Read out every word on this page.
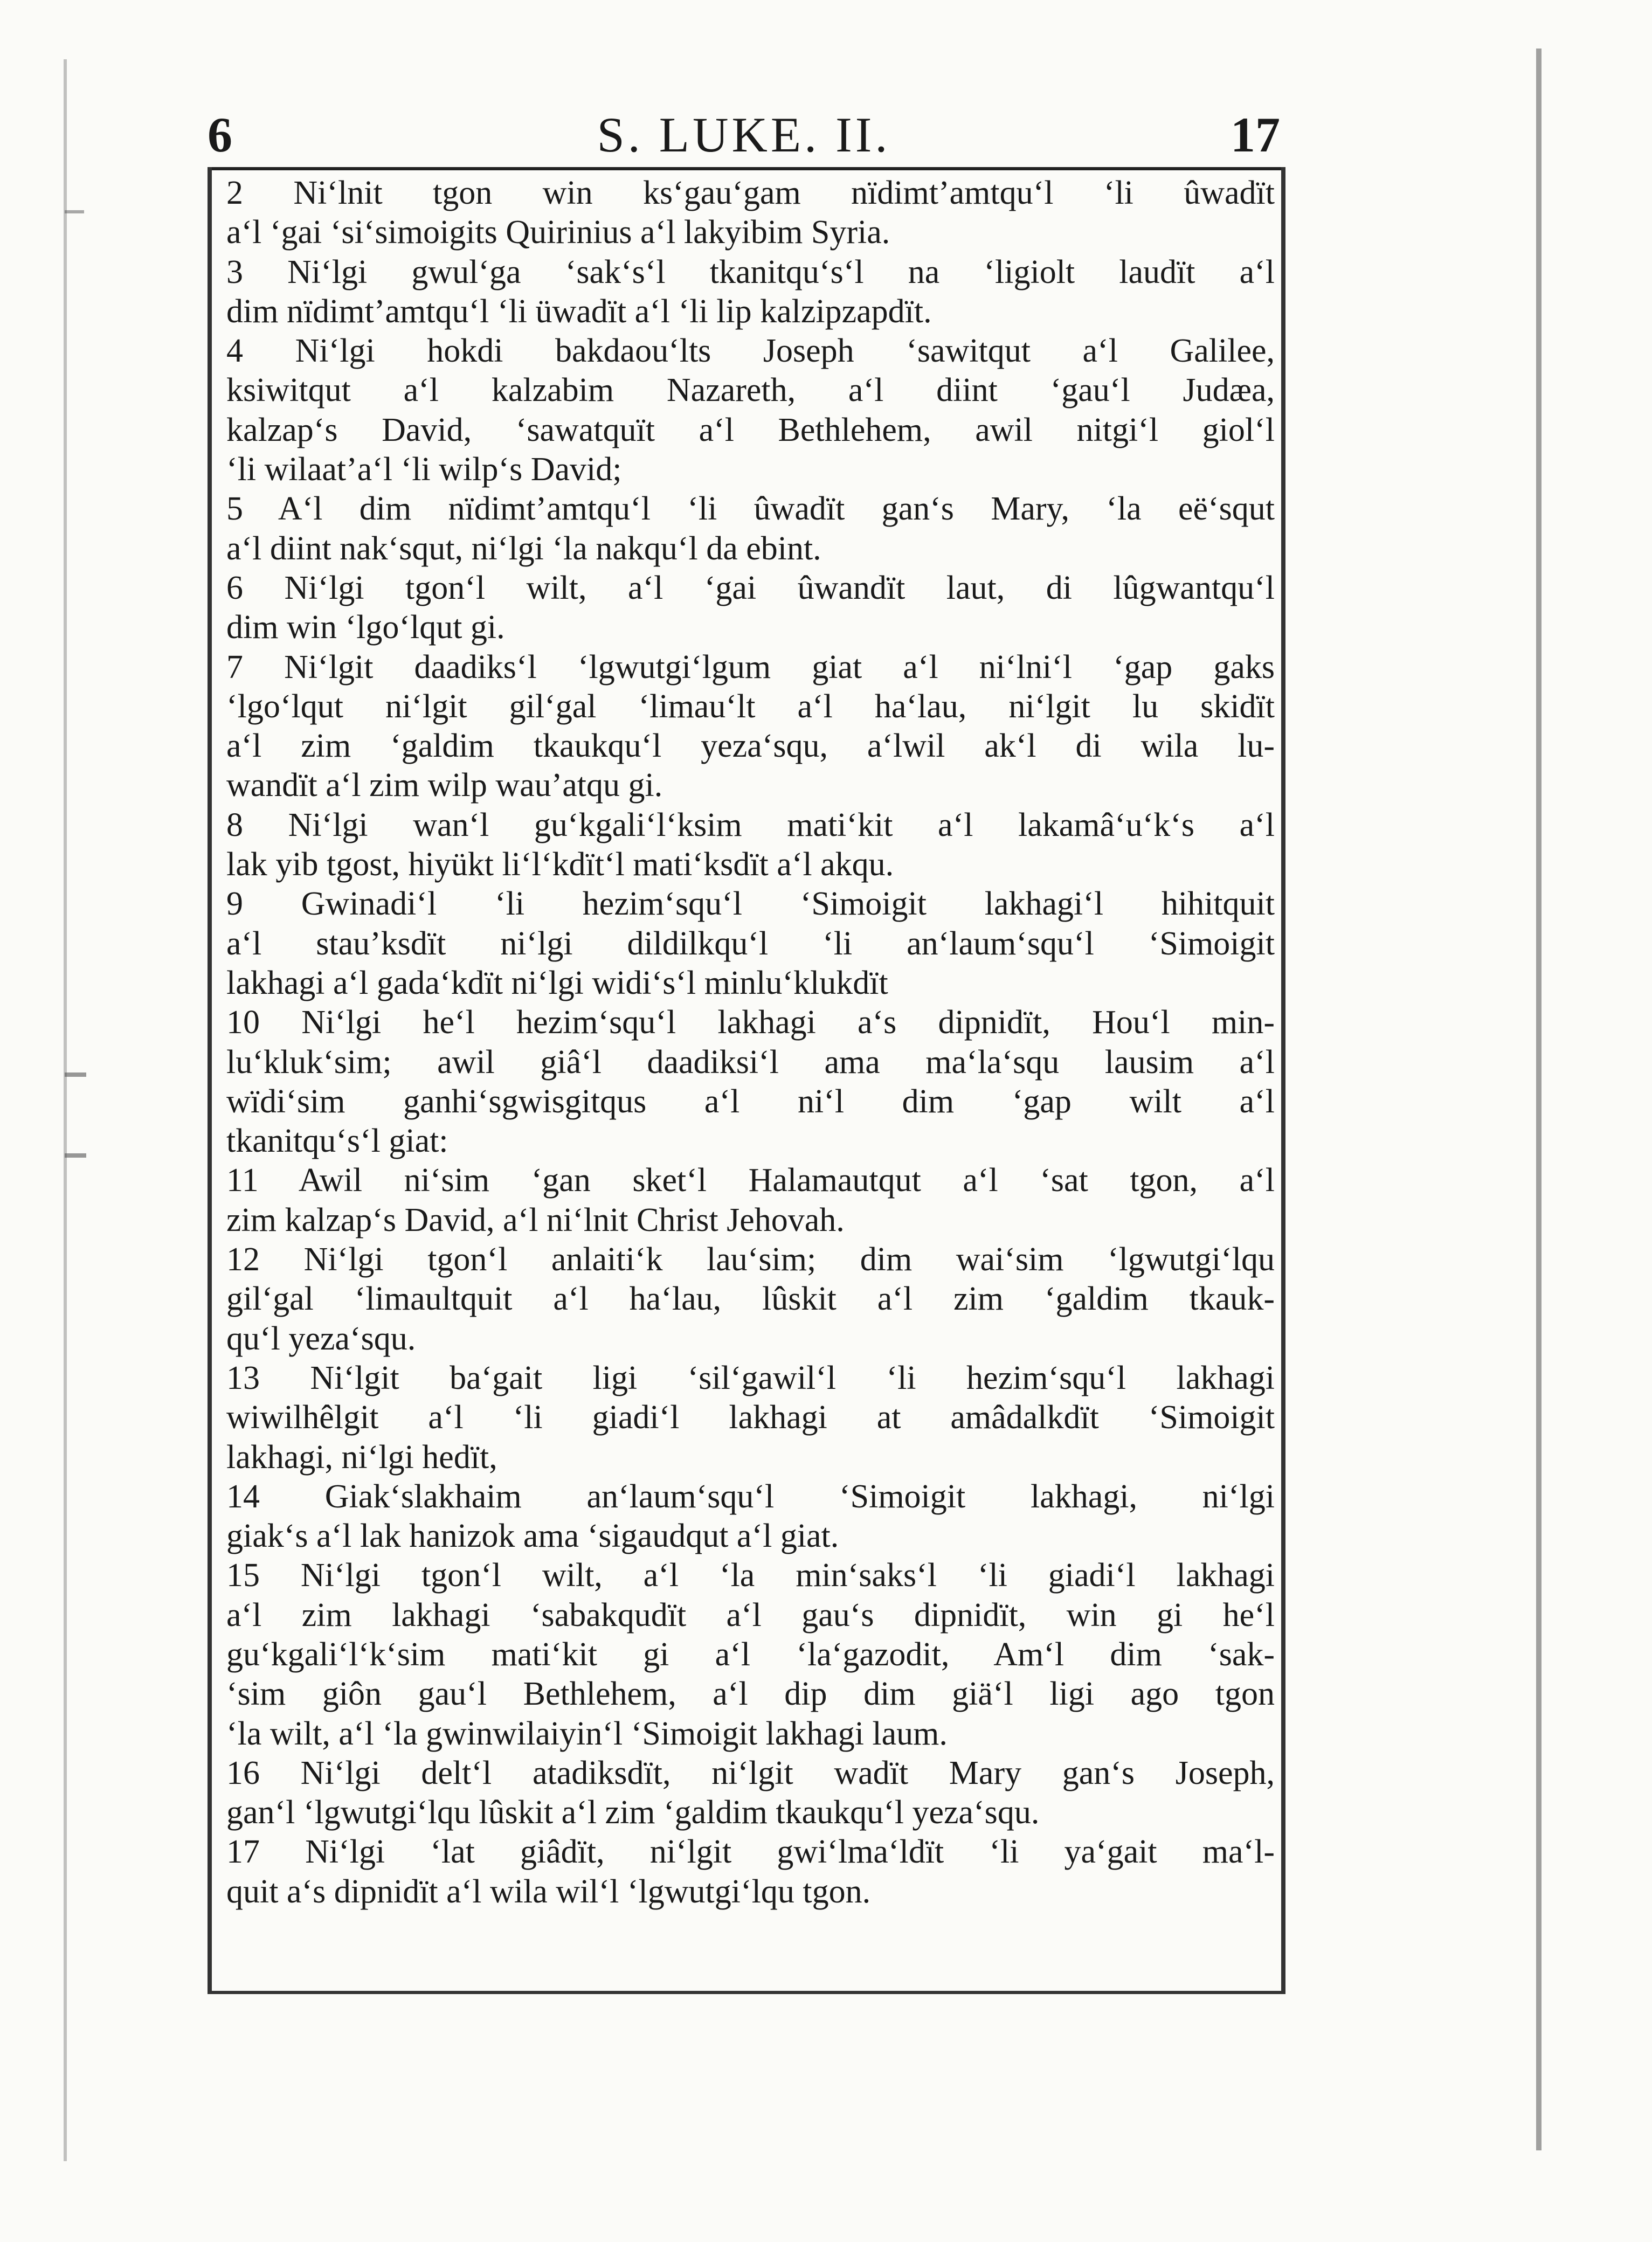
6	S. LUKE. II.	17
2 Ni‘lnit tgon win ks‘gau‘gam nïdimt’amtqu‘l ‘li ûwadït
a‘l ‘gai ‘si‘simoigits Quirinius a‘l lakyibim Syria.
3 Ni‘lgi gwul‘ga ‘sak‘s‘l tkanitqu‘s‘l na ‘ligiolt laudït a‘l
dim nïdimt’amtqu‘l ‘li üwadït a‘l ‘li lip kalzipzapdït.
4 Ni‘lgi hokdi bakdaou‘lts Joseph ‘sawitqut a‘l Galilee,
ksiwitqut a‘l kalzabim Nazareth, a‘l diint ‘gau‘l Judæa,
kalzap‘s David, ‘sawatquït a‘l Bethlehem, awil nitgi‘l giol‘l
‘li wilaat’a‘l ‘li wilp‘s David;
5 A‘l dim nïdimt’amtqu‘l ‘li ûwadït gan‘s Mary, ‘la eë‘squt
a‘l diint nak‘squt, ni‘lgi ‘la nakqu‘l da ebint.
6 Ni‘lgi tgon‘l wilt, a‘l ‘gai ûwandït laut, di lûgwantqu‘l
dim win ‘lgo‘lqut gi.
7 Ni‘lgit daadiks‘l ‘lgwutgi‘lgum giat a‘l ni‘lni‘l ‘gap gaks
‘lgo‘lqut ni‘lgit gil‘gal ‘limau‘lt a‘l ha‘lau, ni‘lgit lu skidït
a‘l zim ‘galdim tkaukqu‘l yeza‘squ, a‘lwil ak‘l di wila lu-
wandït a‘l zim wilp wau’atqu gi.
8 Ni‘lgi wan‘l gu‘kgali‘l‘ksim mati‘kit a‘l lakamâ‘u‘k‘s a‘l
lak yib tgost, hiyükt li‘l‘kdït‘l mati‘ksdït a‘l akqu.
9 Gwinadi‘l ‘li hezim‘squ‘l ‘Simoigit lakhagi‘l hihitquit
a‘l stau’ksdït ni‘lgi dildilkqu‘l ‘li an‘laum‘squ‘l ‘Simoigit
lakhagi a‘l gada‘kdït ni‘lgi widi‘s‘l minlu‘klukdït
10 Ni‘lgi he‘l hezim‘squ‘l lakhagi a‘s dipnidït, Hou‘l min-
lu‘kluk‘sim; awil giâ‘l daadiksi‘l ama ma‘la‘squ lausim a‘l
wïdi‘sim ganhi‘sgwisgitqus a‘l ni‘l dim ‘gap wilt a‘l
tkanitqu‘s‘l giat:
11 Awil ni‘sim ‘gan sket‘l Halamautqut a‘l ‘sat tgon, a‘l
zim kalzap‘s David, a‘l ni‘lnit Christ Jehovah.
12 Ni‘lgi tgon‘l anlaiti‘k lau‘sim; dim wai‘sim ‘lgwutgi‘lqu
gil‘gal ‘limaultquit a‘l ha‘lau, lûskit a‘l zim ‘galdim tkauk-
qu‘l yeza‘squ.
13 Ni‘lgit ba‘gait ligi ‘sil‘gawil‘l ‘li hezim‘squ‘l lakhagi
wiwilhêlgit a‘l ‘li giadi‘l lakhagi at amâdalkdït ‘Simoigit
lakhagi, ni‘lgi hedït,
14 Giak‘slakhaim an‘laum‘squ‘l ‘Simoigit lakhagi, ni‘lgi
giak‘s a‘l lak hanizok ama ‘sigaudqut a‘l giat.
15 Ni‘lgi tgon‘l wilt, a‘l ‘la min‘saks‘l ‘li giadi‘l lakhagi
a‘l zim lakhagi ‘sabakqudït a‘l gau‘s dipnidït, win gi he‘l
gu‘kgali‘l‘k‘sim mati‘kit gi a‘l ‘la‘gazodit, Am‘l dim ‘sak-
‘sim giôn gau‘l Bethlehem, a‘l dip dim giä‘l ligi ago tgon
‘la wilt, a‘l ‘la gwinwilaiyin‘l ‘Simoigit lakhagi laum.
16 Ni‘lgi delt‘l atadiksdït, ni‘lgit wadït Mary gan‘s Joseph,
gan‘l ‘lgwutgi‘lqu lûskit a‘l zim ‘galdim tkaukqu‘l yeza‘squ.
17 Ni‘lgi ‘lat giâdït, ni‘lgit gwi‘lma‘ldït ‘li ya‘gait ma‘l-
quit a‘s dipnidït a‘l wila wil‘l ‘lgwutgi‘lqu tgon.
